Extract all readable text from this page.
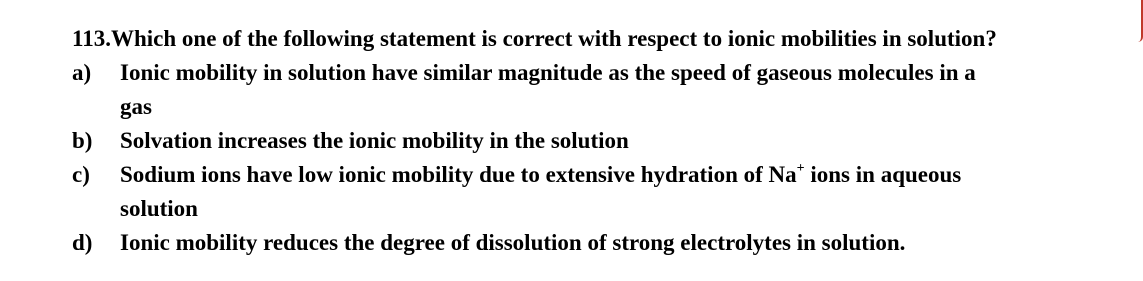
113.Which one of the following statement is correct with respect to ionic mobilities in solution?
a)	Ionic mobility in solution have similar magnitude as the speed of gaseous molecules in a
gas
b)	Solvation increases the ionic mobility in the solution
c)	Sodium ions have low ionic mobility due to extensive hydration of Na+ ions in aqueous
solution
d)	Ionic mobility reduces the degree of dissolution of strong electrolytes in solution.
